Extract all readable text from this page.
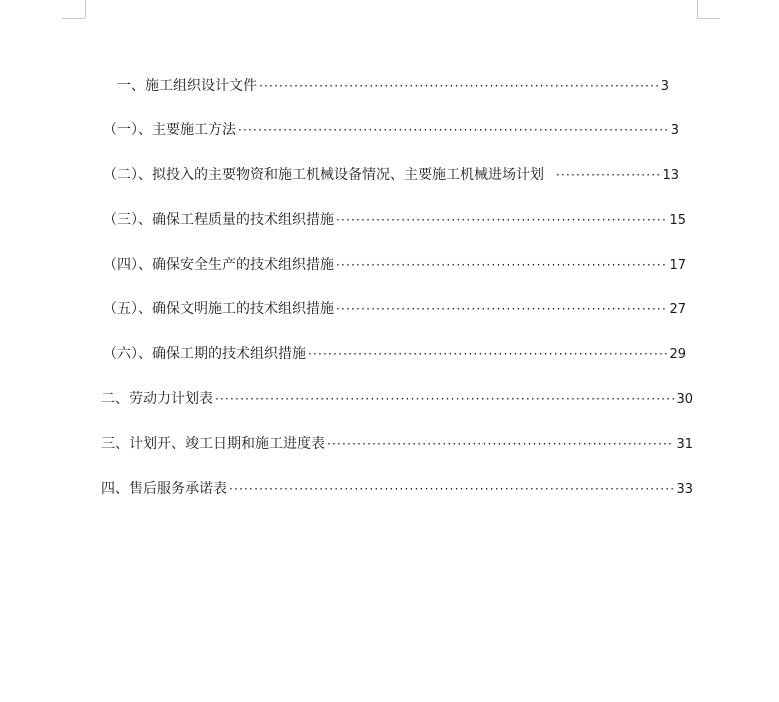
一、施工组织设计文件 ·····	3
（一）、主要施工方法 ·····	3
（二）、拟投入的主要物资和施工机械设备情况、主要施工机械进场计划 ·····	13
（三）、确保工程质量的技术组织措施 ·····	15
（四）、确保安全生产的技术组织措施 ·····	17
（五）、确保文明施工的技术组织措施 ·····	27
（六）、确保工期的技术组织措施 ·····	29
二、劳动力计划表 ·····	30
三、计划开、竣工日期和施工进度表 ·····	31
四、售后服务承诺表 ·····	33
